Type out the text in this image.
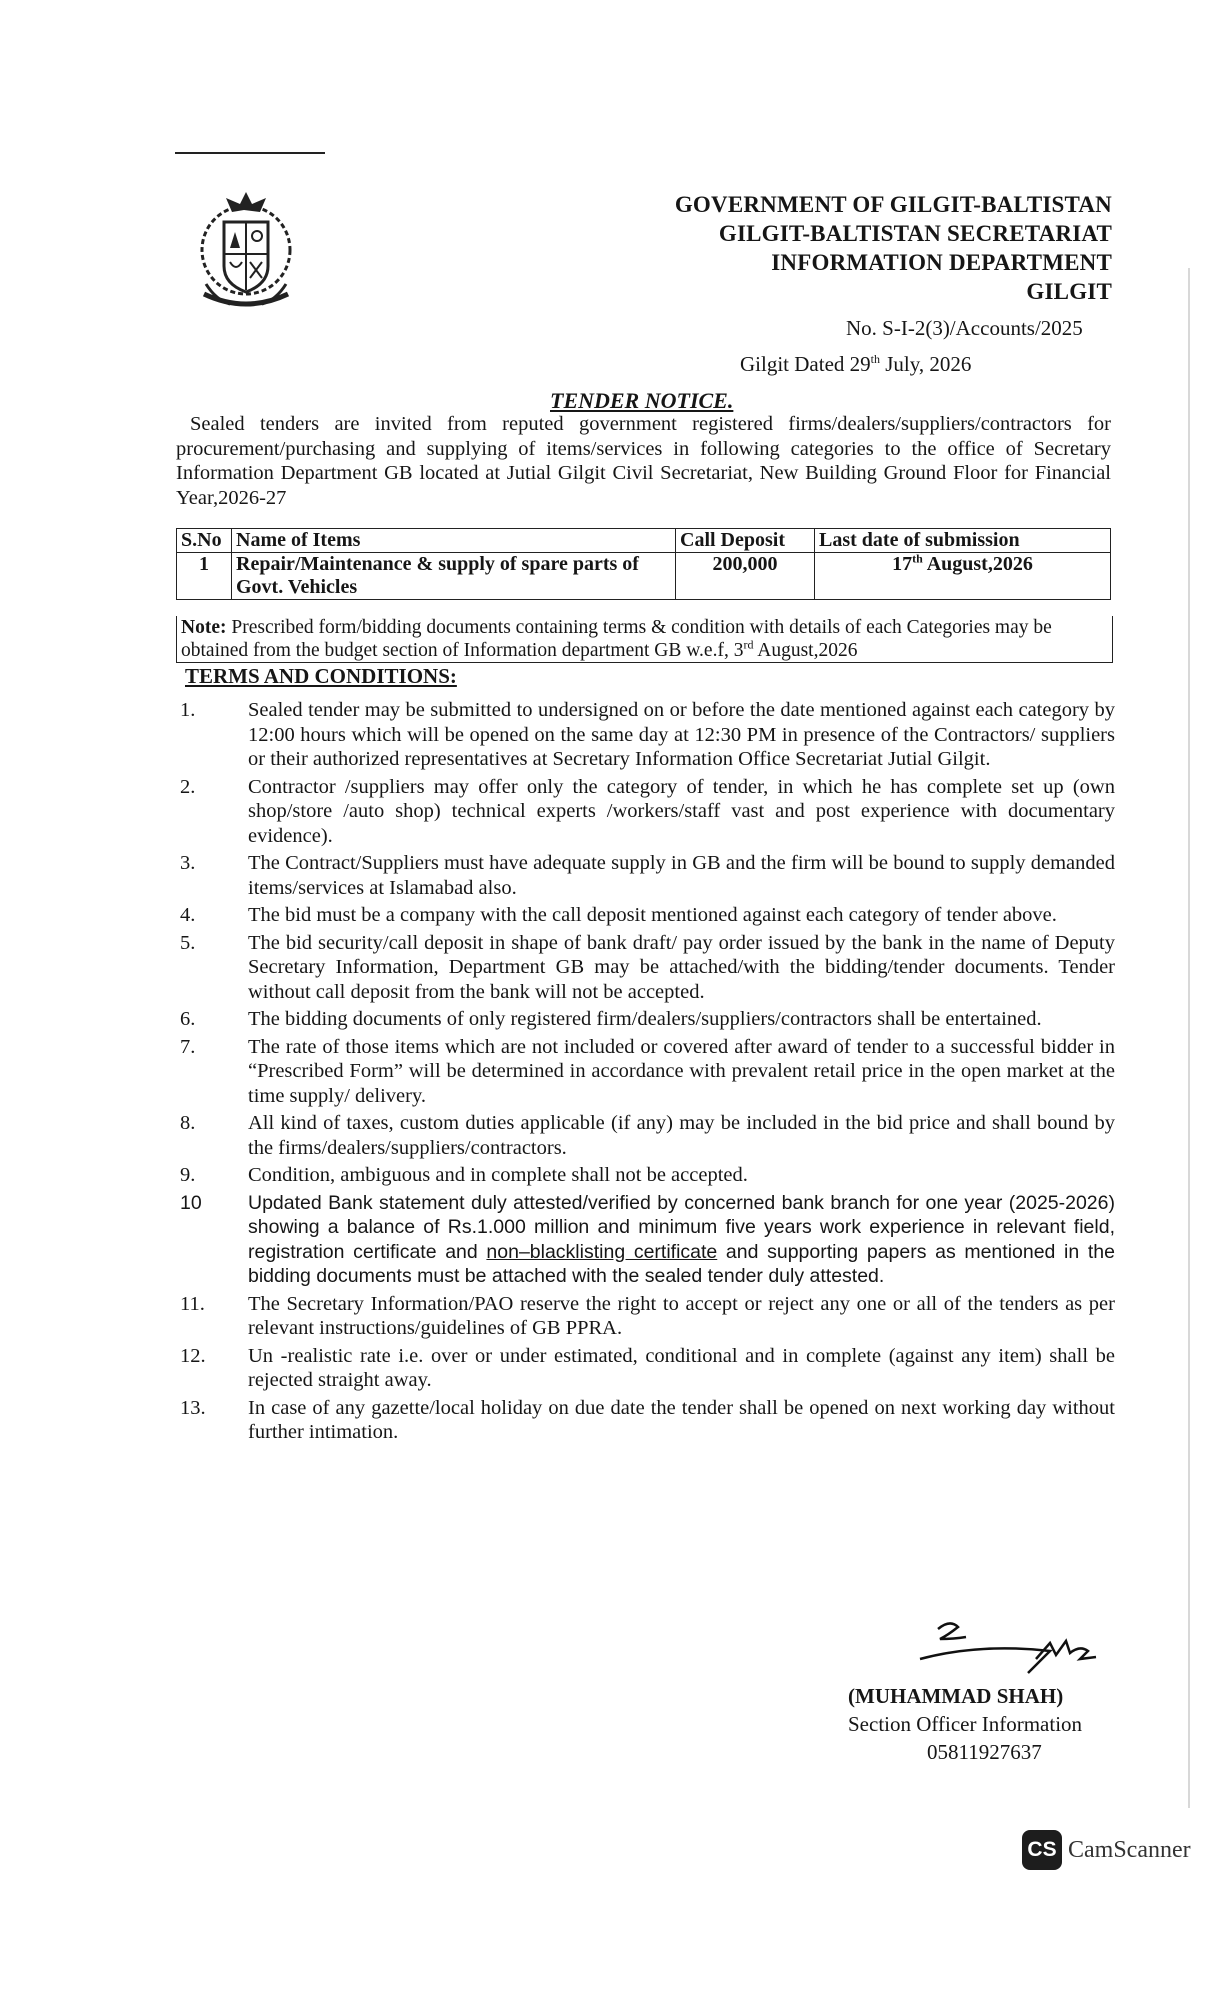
GOVERNMENT OF GILGIT-BALTISTAN
GILGIT-BALTISTAN SECRETARIAT
INFORMATION DEPARTMENT
GILGIT
No. S-I-2(3)/Accounts/2025
Gilgit Dated 29th July, 2026
TENDER NOTICE.

Sealed tenders are invited from reputed government registered firms/dealers/suppliers/contractors for procurement/purchasing and supplying of items/services in following categories to the office of Secretary Information Department GB located at Jutial Gilgit Civil Secretariat, New Building Ground Floor for Financial Year,2026-27

S.No	Name of Items	Call Deposit	Last date of submission
1	Repair/Maintenance & supply of spare parts of Govt. Vehicles	200,000	17th August,2026
Note: Prescribed form/bidding documents containing terms & condition with details of each Categories may be obtained from the budget section of Information department GB w.e.f, 3rd August,2026
TERMS AND CONDITIONS:
1.	Sealed tender may be submitted to undersigned on or before the date mentioned against each category by 12:00 hours which will be opened on the same day at 12:30 PM in presence of the Contractors/ suppliers or their authorized representatives at Secretary Information Office Secretariat Jutial Gilgit.
2.	Contractor /suppliers may offer only the category of tender, in which he has complete set up (own shop/store /auto shop) technical experts /workers/staff vast and post experience with documentary evidence).
3.	The Contract/Suppliers must have adequate supply in GB and the firm will be bound to supply demanded items/services at Islamabad also.
4.	The bid must be a company with the call deposit mentioned against each category of tender above.
5.	The bid security/call deposit in shape of bank draft/ pay order issued by the bank in the name of Deputy Secretary Information, Department GB may be attached/with the bidding/tender documents. Tender without call deposit from the bank will not be accepted.
6.	The bidding documents of only registered firm/dealers/suppliers/contractors shall be entertained.
7.	The rate of those items which are not included or covered after award of tender to a successful bidder in “Prescribed Form” will be determined in accordance with prevalent retail price in the open market at the time supply/ delivery.
8.	All kind of taxes, custom duties applicable (if any) may be included in the bid price and shall bound by the firms/dealers/suppliers/contractors.
9.	Condition, ambiguous and in complete shall not be accepted.
10	Updated Bank statement duly attested/verified by concerned bank branch for one year (2025-2026) showing a balance of Rs.1.000 million and minimum five years work experience in relevant field, registration certificate and non–blacklisting certificate and supporting papers as mentioned in the bidding documents must be attached with the sealed tender duly attested.
11.	The Secretary Information/PAO reserve the right to accept or reject any one or all of the tenders as per relevant instructions/guidelines of GB PPRA.
12.	Un -realistic rate i.e. over or under estimated, conditional and in complete (against any item) shall be rejected straight away.
13.	In case of any gazette/local holiday on due date the tender shall be opened on next working day without further intimation.
(MUHAMMAD SHAH)
Section Officer Information
05811927637
CS CamScanner
